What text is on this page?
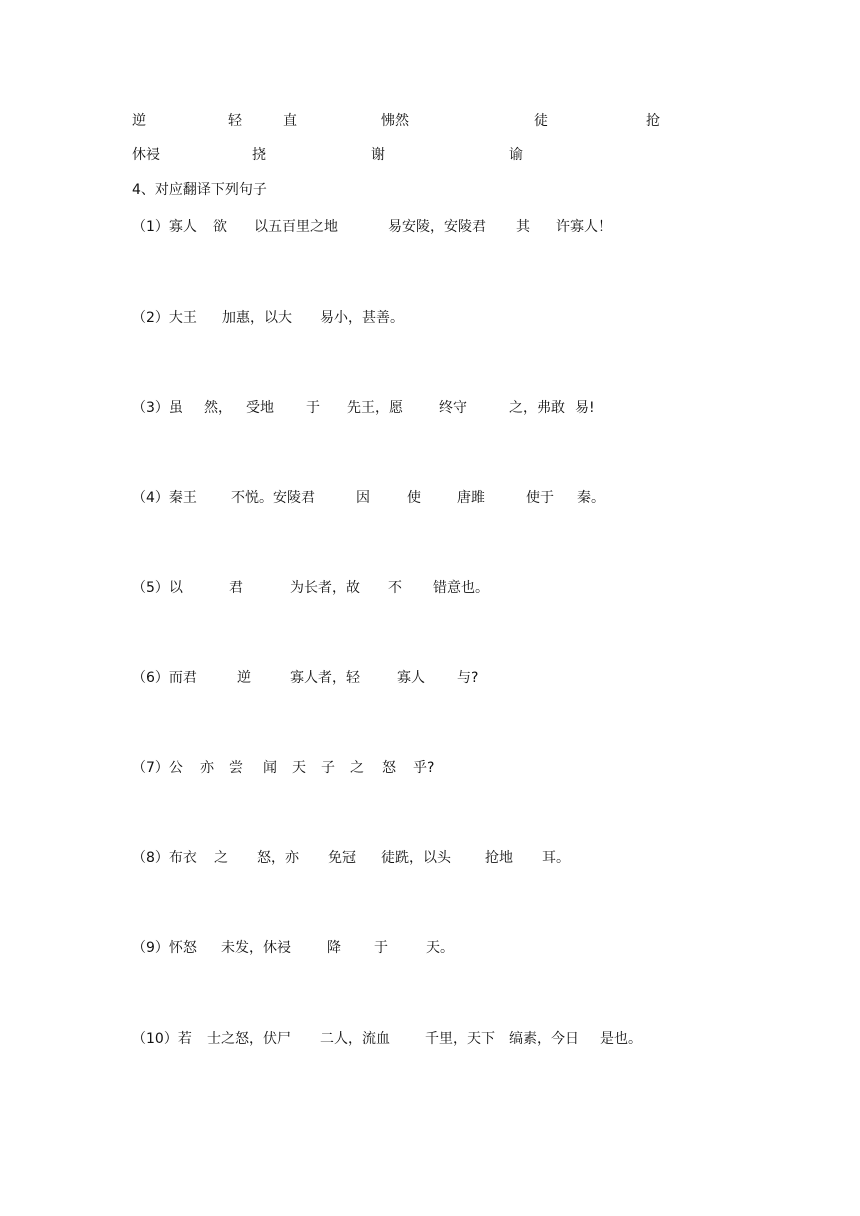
逆	轻	直	怫然	徒	抢
休祲	挠	谢	谕
4、对应翻译下列句子
（1）寡人 欲 以五百里之地	易安陵，安陵君 其 许寡人！
（2）大王 加惠，以大 易小，甚善。
（3）虽 然， 受地 于 先王，愿	终守	之，弗敢 易!
（4）秦王 不悦。安陵君	因	使	唐雎	使于 秦。
（5）以	君	为长者，故 不 错意也。
（6）而君	逆	寡人者，轻	寡人 与?
（7）公 亦 尝 闻 天 子 之 怒 乎?
（8）布衣 之 怒，亦 免冠 徒跣，以头 抢地 耳。
（9）怀怒 未发，休祲	降 于	天。
（10）若 士之怒，伏尸 二人，流血	千里，天下 缟素，今日 是也。
